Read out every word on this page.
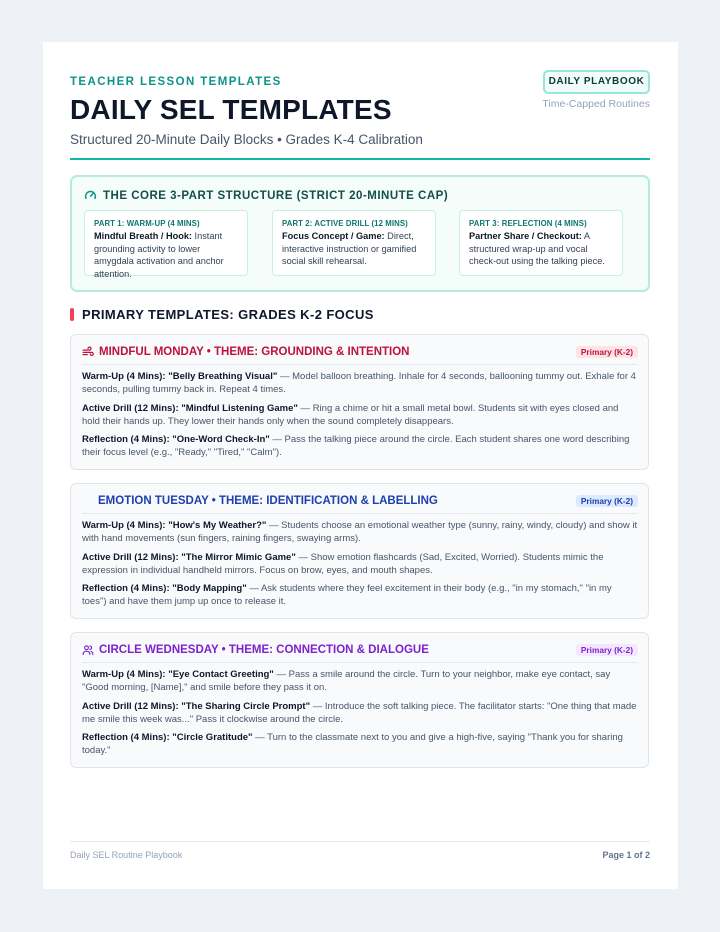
TEACHER LESSON TEMPLATES
DAILY SEL TEMPLATES
Structured 20-Minute Daily Blocks • Grades K-4 Calibration
DAILY PLAYBOOK
Time-Capped Routines
THE CORE 3-PART STRUCTURE (STRICT 20-MINUTE CAP)
PART 1: WARM-UP (4 MINS)
Mindful Breath / Hook: Instant grounding activity to lower amygdala activation and anchor attention.
PART 2: ACTIVE DRILL (12 MINS)
Focus Concept / Game: Direct, interactive instruction or gamified social skill rehearsal.
PART 3: REFLECTION (4 MINS)
Partner Share / Checkout: A structured wrap-up and vocal check-out using the talking piece.
PRIMARY TEMPLATES: GRADES K-2 FOCUS
MINDFUL MONDAY • THEME: GROUNDING & INTENTION	Primary (K-2)
Warm-Up (4 Mins): "Belly Breathing Visual" — Model balloon breathing. Inhale for 4 seconds, ballooning tummy out. Exhale for 4 seconds, pulling tummy back in. Repeat 4 times.
Active Drill (12 Mins): "Mindful Listening Game" — Ring a chime or hit a small metal bowl. Students sit with eyes closed and hold their hands up. They lower their hands only when the sound completely disappears.
Reflection (4 Mins): "One-Word Check-In" — Pass the talking piece around the circle. Each student shares one word describing their focus level (e.g., "Ready," "Tired," "Calm").
EMOTION TUESDAY • THEME: IDENTIFICATION & LABELLING	Primary (K-2)
Warm-Up (4 Mins): "How's My Weather?" — Students choose an emotional weather type (sunny, rainy, windy, cloudy) and show it with hand movements (sun fingers, raining fingers, swaying arms).
Active Drill (12 Mins): "The Mirror Mimic Game" — Show emotion flashcards (Sad, Excited, Worried). Students mimic the expression in individual handheld mirrors. Focus on brow, eyes, and mouth shapes.
Reflection (4 Mins): "Body Mapping" — Ask students where they feel excitement in their body (e.g., "in my stomach," "in my toes") and have them jump up once to release it.
CIRCLE WEDNESDAY • THEME: CONNECTION & DIALOGUE	Primary (K-2)
Warm-Up (4 Mins): "Eye Contact Greeting" — Pass a smile around the circle. Turn to your neighbor, make eye contact, say "Good morning, [Name]," and smile before they pass it on.
Active Drill (12 Mins): "The Sharing Circle Prompt" — Introduce the soft talking piece. The facilitator starts: "One thing that made me smile this week was..." Pass it clockwise around the circle.
Reflection (4 Mins): "Circle Gratitude" — Turn to the classmate next to you and give a high-five, saying "Thank you for sharing today."
Daily SEL Routine Playbook	Page 1 of 2
